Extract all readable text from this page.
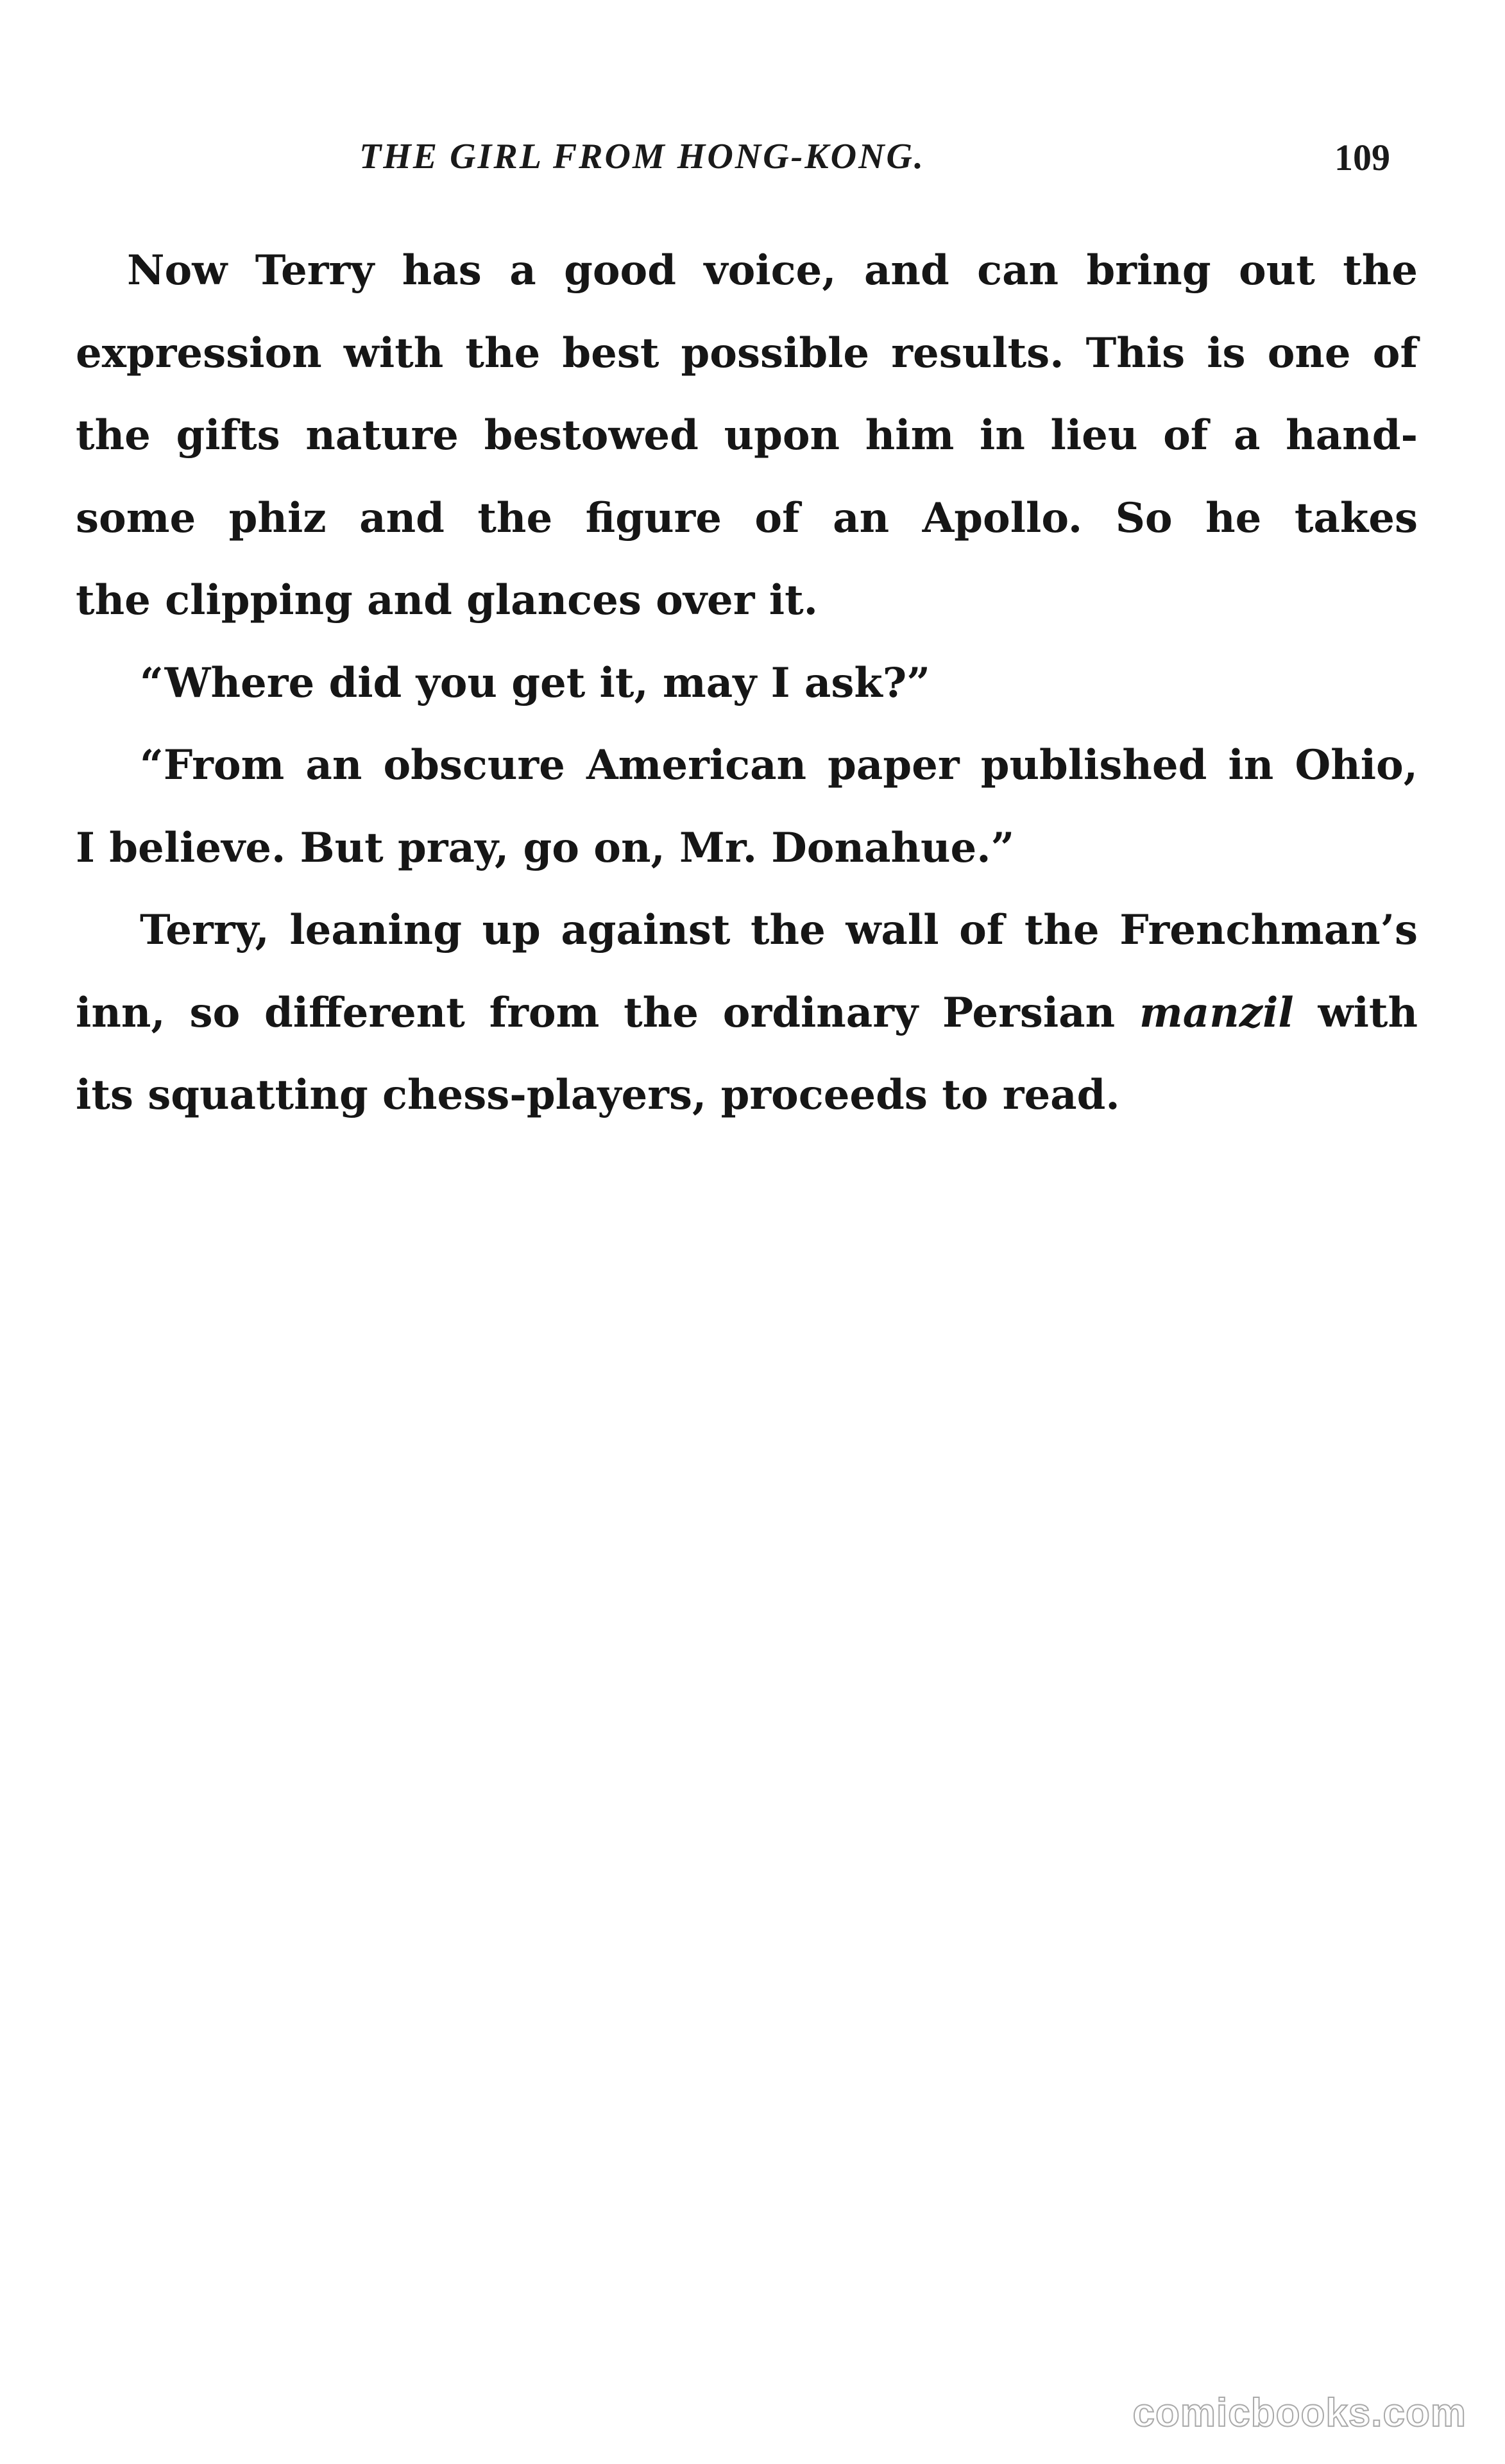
THE GIRL FROM HONG-KONG.	109
Now Terry has a good voice, and can bring out the
expression with the best possible results. This is one of
the gifts nature bestowed upon him in lieu of a hand-
some phiz and the figure of an Apollo. So he takes
the clipping and glances over it.
“Where did you get it, may I ask?”
“From an obscure American paper published in Ohio,
I believe. But pray, go on, Mr. Donahue.”
Terry, leaning up against the wall of the Frenchman’s
inn, so different from the ordinary Persian manzil with
its squatting chess-players, proceeds to read.
comicbooks.com
